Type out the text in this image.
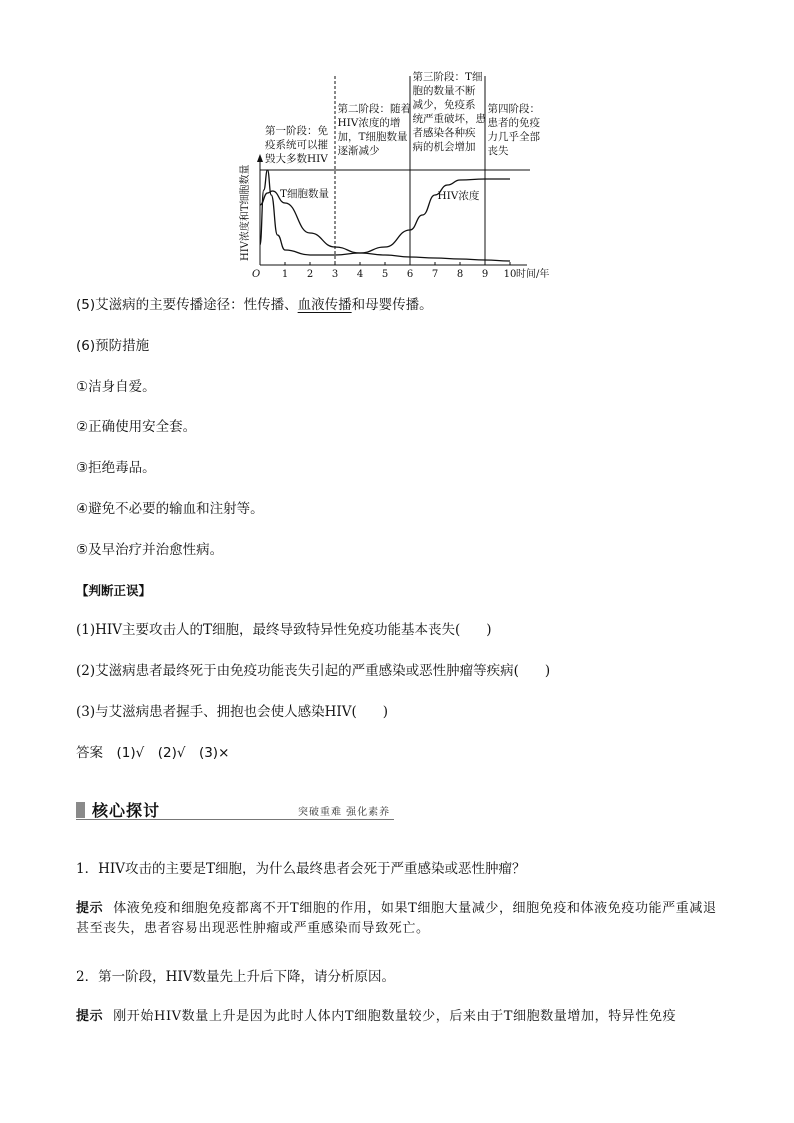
第一阶段：免
疫系统可以摧
毁大多数HIV
第二阶段：随着
HIV浓度的增
加，T细胞数量
逐渐减少
第三阶段：T细
胞的数量不断
减少，免疫系
统严重破坏，患
者感染各种疾
病的机会增加
第四阶段：
患者的免疫
力几乎全部
丧失
1 2 3 4 5 6 7 8 9 10
T细胞数量	HIV浓度
HIV浓度和T细胞数量
时间/年
O
(5)艾滋病的主要传播途径：性传播、血液传播和母婴传播。
(6)预防措施
①洁身自爱。
②正确使用安全套。
③拒绝毒品。
④避免不必要的输血和注射等。
⑤及早治疗并治愈性病。
【判断正误】
(1)HIV主要攻击人的T细胞，最终导致特异性免疫功能基本丧失( )
(2)艾滋病患者最终死于由免疫功能丧失引起的严重感染或恶性肿瘤等疾病( )
(3)与艾滋病患者握手、拥抱也会使人感染HIV( )
答案　(1)√　(2)√　(3)×
核心探讨	突破重难 强化素养
1．HIV攻击的主要是T细胞，为什么最终患者会死于严重感染或恶性肿瘤？
提示 体液免疫和细胞免疫都离不开T细胞的作用，如果T细胞大量减少，细胞免疫和体液免疫功能严重减退甚至丧失，患者容易出现恶性肿瘤或严重感染而导致死亡。
2．第一阶段，HIV数量先上升后下降，请分析原因。
提示 刚开始HIV数量上升是因为此时人体内T细胞数量较少，后来由于T细胞数量增加，特异性免疫
